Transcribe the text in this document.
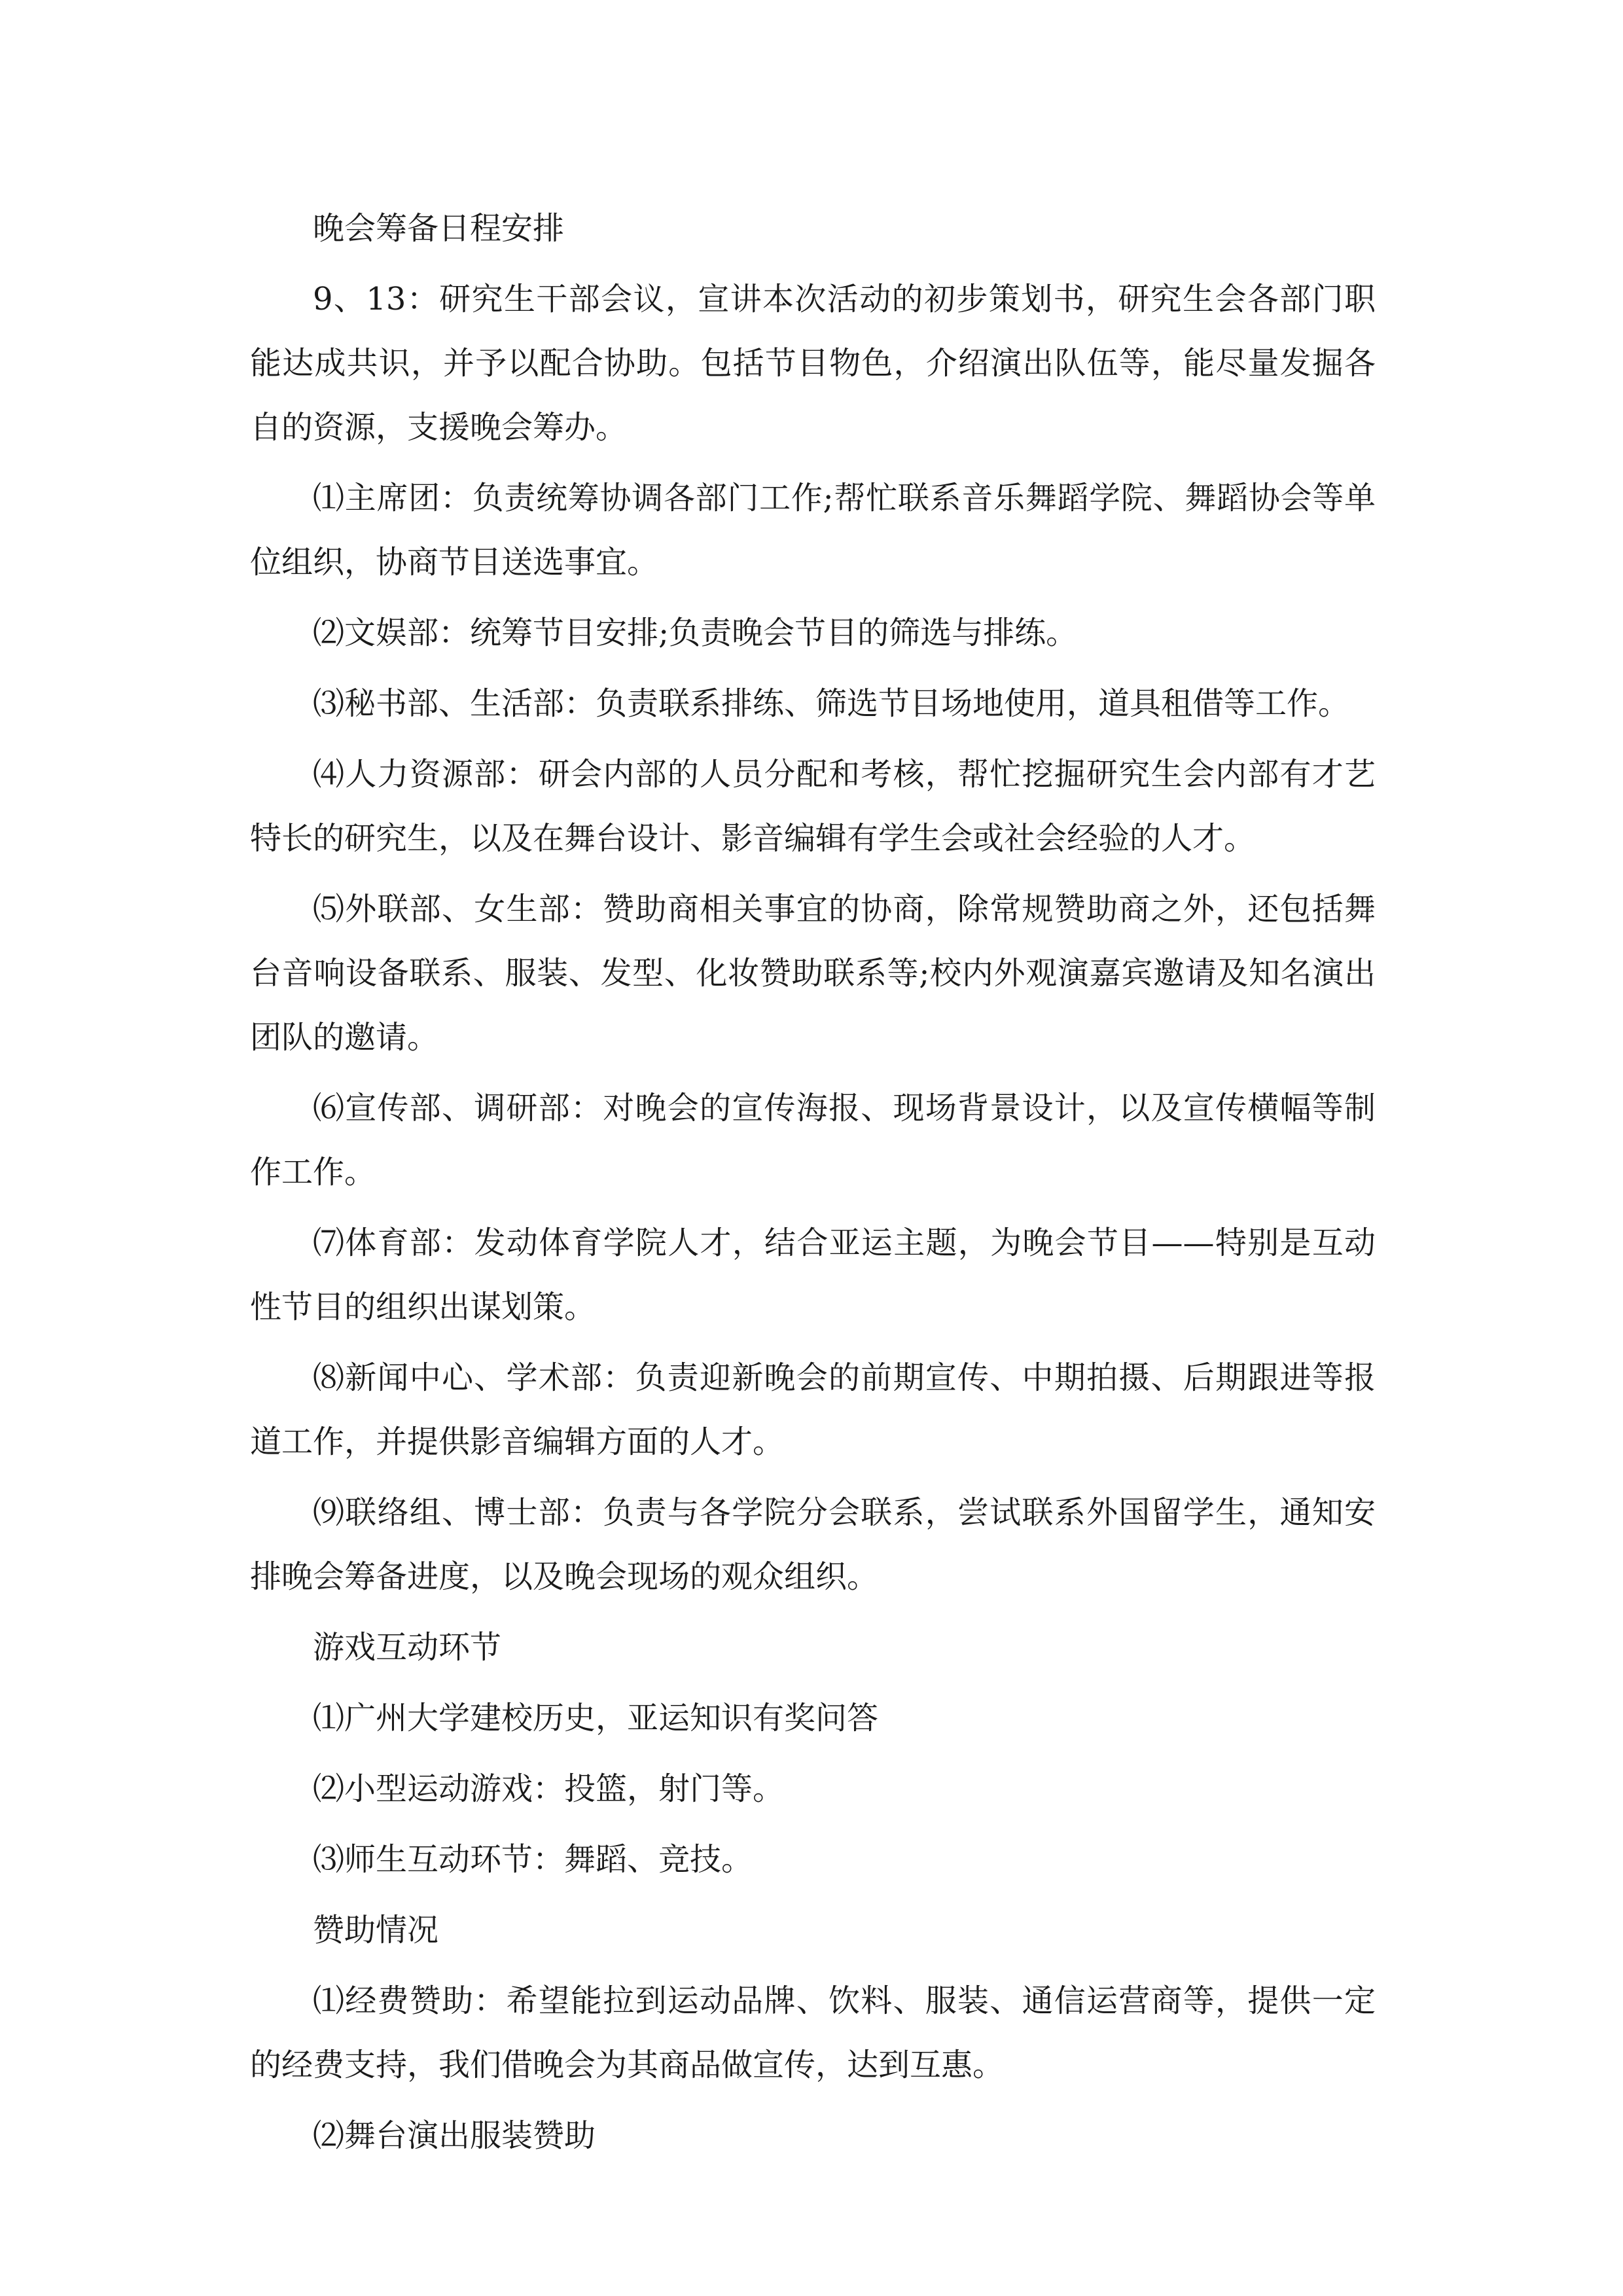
晚会筹备日程安排

9、13：研究生干部会议，宣讲本次活动的初步策划书，研究生会各部门职能达成共识，并予以配合协助。包括节目物色，介绍演出队伍等，能尽量发掘各自的资源，支援晚会筹办。

⑴主席团：负责统筹协调各部门工作;帮忙联系音乐舞蹈学院、舞蹈协会等单位组织，协商节目送选事宜。

⑵文娱部：统筹节目安排;负责晚会节目的筛选与排练。

⑶秘书部、生活部：负责联系排练、筛选节目场地使用，道具租借等工作。

⑷人力资源部：研会内部的人员分配和考核，帮忙挖掘研究生会内部有才艺特长的研究生，以及在舞台设计、影音编辑有学生会或社会经验的人才。

⑸外联部、女生部：赞助商相关事宜的协商，除常规赞助商之外，还包括舞台音响设备联系、服装、发型、化妆赞助联系等;校内外观演嘉宾邀请及知名演出团队的邀请。

⑹宣传部、调研部：对晚会的宣传海报、现场背景设计，以及宣传横幅等制作工作。

⑺体育部：发动体育学院人才，结合亚运主题，为晚会节目——特别是互动性节目的组织出谋划策。

⑻新闻中心、学术部：负责迎新晚会的前期宣传、中期拍摄、后期跟进等报道工作，并提供影音编辑方面的人才。

⑼联络组、博士部：负责与各学院分会联系，尝试联系外国留学生，通知安排晚会筹备进度，以及晚会现场的观众组织。

游戏互动环节

⑴广州大学建校历史，亚运知识有奖问答

⑵小型运动游戏：投篮，射门等。

⑶师生互动环节：舞蹈、竞技。

赞助情况

⑴经费赞助：希望能拉到运动品牌、饮料、服装、通信运营商等，提供一定的经费支持，我们借晚会为其商品做宣传，达到互惠。

⑵舞台演出服装赞助
